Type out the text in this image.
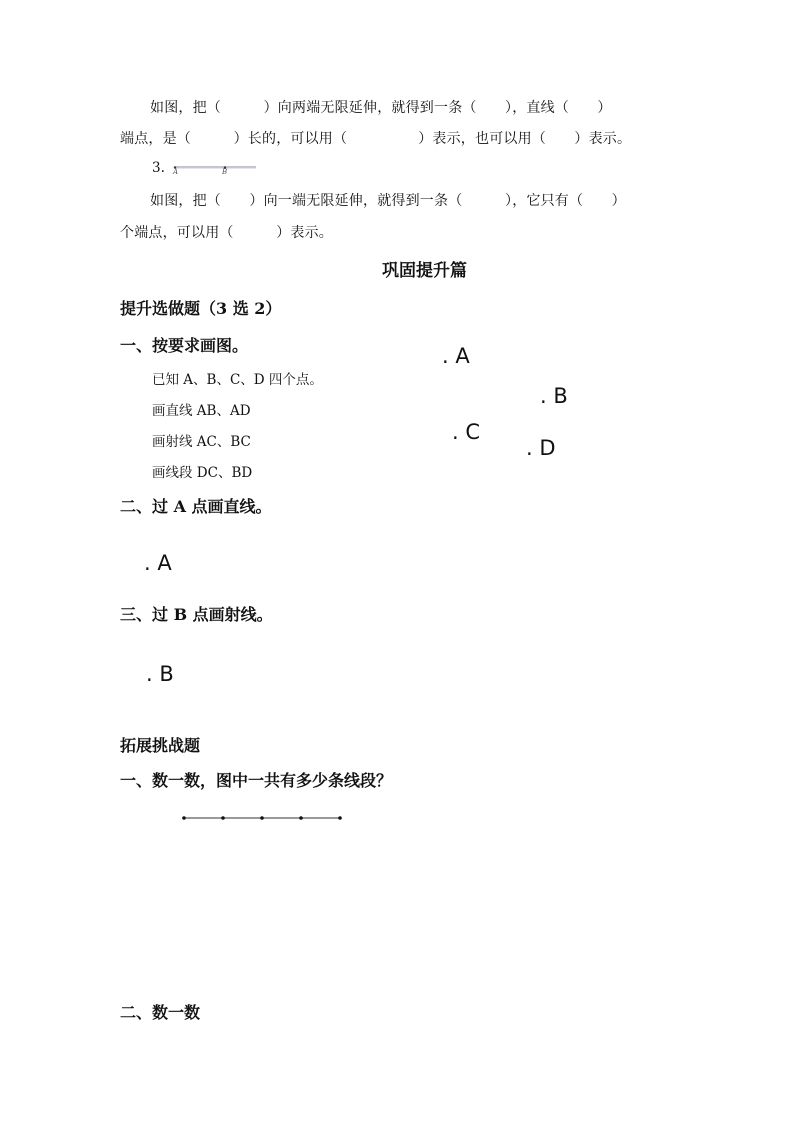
如图，把（　　　）向两端无限延伸，就得到一条（　　），直线（　　）
端点，是（　　　）长的，可以用（　　　　　）表示，也可以用（　　）表示。
3. A	B
如图，把（　　）向一端无限延伸，就得到一条（　　　），它只有（　　）
个端点，可以用（　　　）表示。
巩固提升篇
提升选做题（3 选 2）
一、按要求画图。
已知 A、B、C、D 四个点。
画直线 AB、AD
画射线 AC、BC
画线段 DC、BD
. A
. B
. C
. D
二、过 A 点画直线。
. A
三、过 B 点画射线。
. B
拓展挑战题
一、数一数，图中一共有多少条线段？
二、数一数
